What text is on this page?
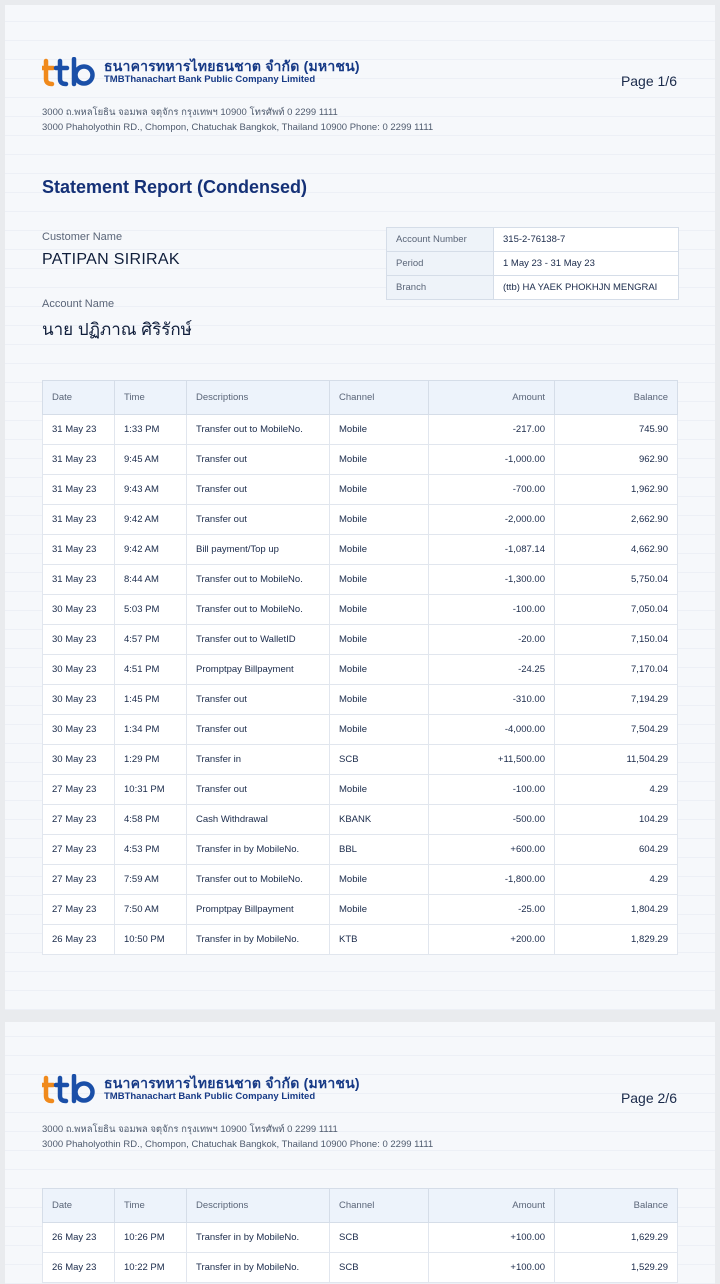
ธนาคารทหารไทยธนชาต จำกัด (มหาชน)
TMBThanachart Bank Public Company Limited	Page 1/6
3000 ถ.พหลโยธิน จอมพล จตุจักร กรุงเทพฯ 10900 โทรศัพท์ 0 2299 1111
3000 Phaholyothin RD., Chompon, Chatuchak Bangkok, Thailand 10900 Phone: 0 2299 1111
Statement Report (Condensed)
Customer Name
PATIPAN SIRIRAK
Account Name
นาย ปฏิภาณ ศิริรักษ์
Account Number	315-2-76138-7
Period	1 May 23 - 31 May 23
Branch	(ttb) HA YAEK PHOKHJN MENGRAI
Date	Time	Descriptions	Channel	Amount	Balance
31 May 23	1:33 PM	Transfer out to MobileNo.	Mobile	-217.00	745.90
31 May 23	9:45 AM	Transfer out	Mobile	-1,000.00	962.90
31 May 23	9:43 AM	Transfer out	Mobile	-700.00	1,962.90
31 May 23	9:42 AM	Transfer out	Mobile	-2,000.00	2,662.90
31 May 23	9:42 AM	Bill payment/Top up	Mobile	-1,087.14	4,662.90
31 May 23	8:44 AM	Transfer out to MobileNo.	Mobile	-1,300.00	5,750.04
30 May 23	5:03 PM	Transfer out to MobileNo.	Mobile	-100.00	7,050.04
30 May 23	4:57 PM	Transfer out to WalletID	Mobile	-20.00	7,150.04
30 May 23	4:51 PM	Promptpay Billpayment	Mobile	-24.25	7,170.04
30 May 23	1:45 PM	Transfer out	Mobile	-310.00	7,194.29
30 May 23	1:34 PM	Transfer out	Mobile	-4,000.00	7,504.29
30 May 23	1:29 PM	Transfer in	SCB	+11,500.00	11,504.29
27 May 23	10:31 PM	Transfer out	Mobile	-100.00	4.29
27 May 23	4:58 PM	Cash Withdrawal	KBANK	-500.00	104.29
27 May 23	4:53 PM	Transfer in by MobileNo.	BBL	+600.00	604.29
27 May 23	7:59 AM	Transfer out to MobileNo.	Mobile	-1,800.00	4.29
27 May 23	7:50 AM	Promptpay Billpayment	Mobile	-25.00	1,804.29
26 May 23	10:50 PM	Transfer in by MobileNo.	KTB	+200.00	1,829.29
ธนาคารทหารไทยธนชาต จำกัด (มหาชน)
TMBThanachart Bank Public Company Limited	Page 2/6
3000 ถ.พหลโยธิน จอมพล จตุจักร กรุงเทพฯ 10900 โทรศัพท์ 0 2299 1111
3000 Phaholyothin RD., Chompon, Chatuchak Bangkok, Thailand 10900 Phone: 0 2299 1111
Date	Time	Descriptions	Channel	Amount	Balance
26 May 23	10:26 PM	Transfer in by MobileNo.	SCB	+100.00	1,629.29
26 May 23	10:22 PM	Transfer in by MobileNo.	SCB	+100.00	1,529.29
